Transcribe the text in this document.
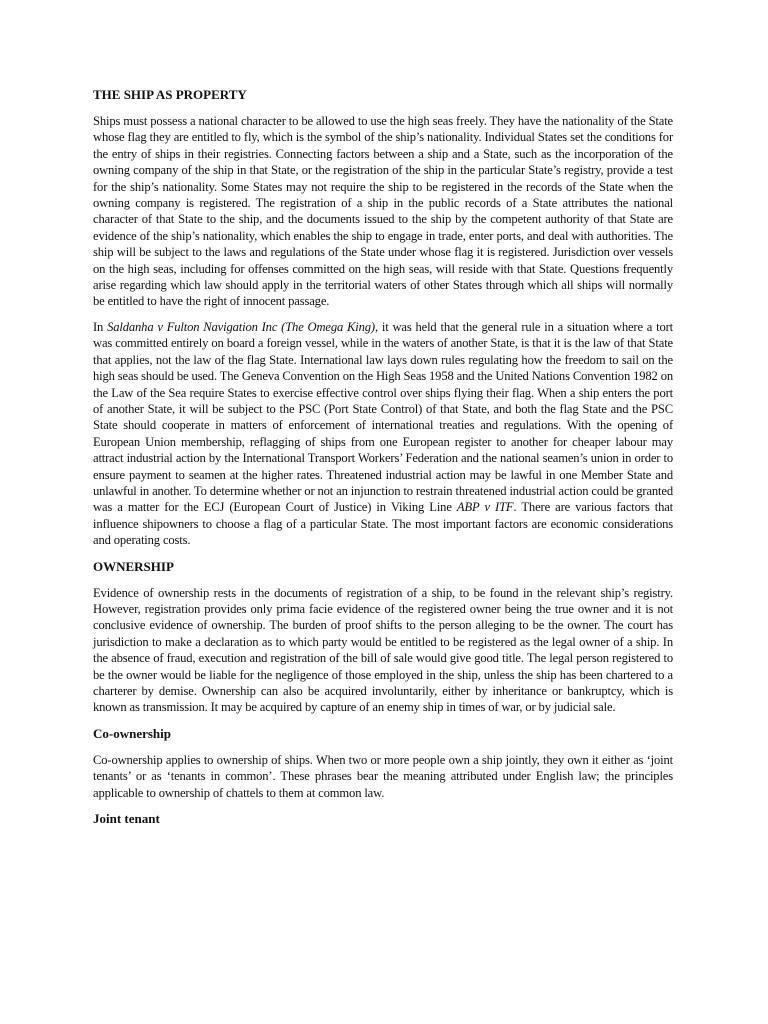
THE SHIP AS PROPERTY

Ships must possess a national character to be allowed to use the high seas freely. They have the nationality of the State whose flag they are entitled to fly, which is the symbol of the ship’s nationality. Individual States set the conditions for the entry of ships in their registries. Connecting factors between a ship and a State, such as the incorporation of the owning company of the ship in that State, or the registration of the ship in the particular State’s registry, provide a test for the ship’s nationality. Some States may not require the ship to be registered in the records of the State when the owning company is registered. The registration of a ship in the public records of a State attributes the national character of that State to the ship, and the documents issued to the ship by the competent authority of that State are evidence of the ship’s nationality, which enables the ship to engage in trade, enter ports, and deal with authorities. The ship will be subject to the laws and regulations of the State under whose flag it is registered. Jurisdiction over vessels on the high seas, including for offenses committed on the high seas, will reside with that State. Questions frequently arise regarding which law should apply in the territorial waters of other States through which all ships will normally be entitled to have the right of innocent passage.

In Saldanha v Fulton Navigation Inc (The Omega King), it was held that the general rule in a situation where a tort was committed entirely on board a foreign vessel, while in the waters of another State, is that it is the law of that State that applies, not the law of the flag State. International law lays down rules regulating how the freedom to sail on the high seas should be used. The Geneva Convention on the High Seas 1958 and the United Nations Convention 1982 on the Law of the Sea require States to exercise effective control over ships flying their flag. When a ship enters the port of another State, it will be subject to the PSC (Port State Control) of that State, and both the flag State and the PSC State should cooperate in matters of enforcement of international treaties and regulations. With the opening of European Union membership, reflagging of ships from one European register to another for cheaper labour may attract industrial action by the International Transport Workers’ Federation and the national seamen’s union in order to ensure payment to seamen at the higher rates. Threatened industrial action may be lawful in one Member State and unlawful in another. To determine whether or not an injunction to restrain threatened industrial action could be granted was a matter for the ECJ (European Court of Justice) in Viking Line ABP v ITF. There are various factors that influence shipowners to choose a flag of a particular State. The most important factors are economic considerations and operating costs.

OWNERSHIP

Evidence of ownership rests in the documents of registration of a ship, to be found in the relevant ship’s registry. However, registration provides only prima facie evidence of the registered owner being the true owner and it is not conclusive evidence of ownership. The burden of proof shifts to the person alleging to be the owner. The court has jurisdiction to make a declaration as to which party would be entitled to be registered as the legal owner of a ship. In the absence of fraud, execution and registration of the bill of sale would give good title. The legal person registered to be the owner would be liable for the negligence of those employed in the ship, unless the ship has been chartered to a charterer by demise. Ownership can also be acquired involuntarily, either by inheritance or bankruptcy, which is known as transmission. It may be acquired by capture of an enemy ship in times of war, or by judicial sale.

Co-ownership

Co-ownership applies to ownership of ships. When two or more people own a ship jointly, they own it either as ‘joint tenants’ or as ‘tenants in common’. These phrases bear the meaning attributed under English law; the principles applicable to ownership of chattels to them at common law.

Joint tenant
